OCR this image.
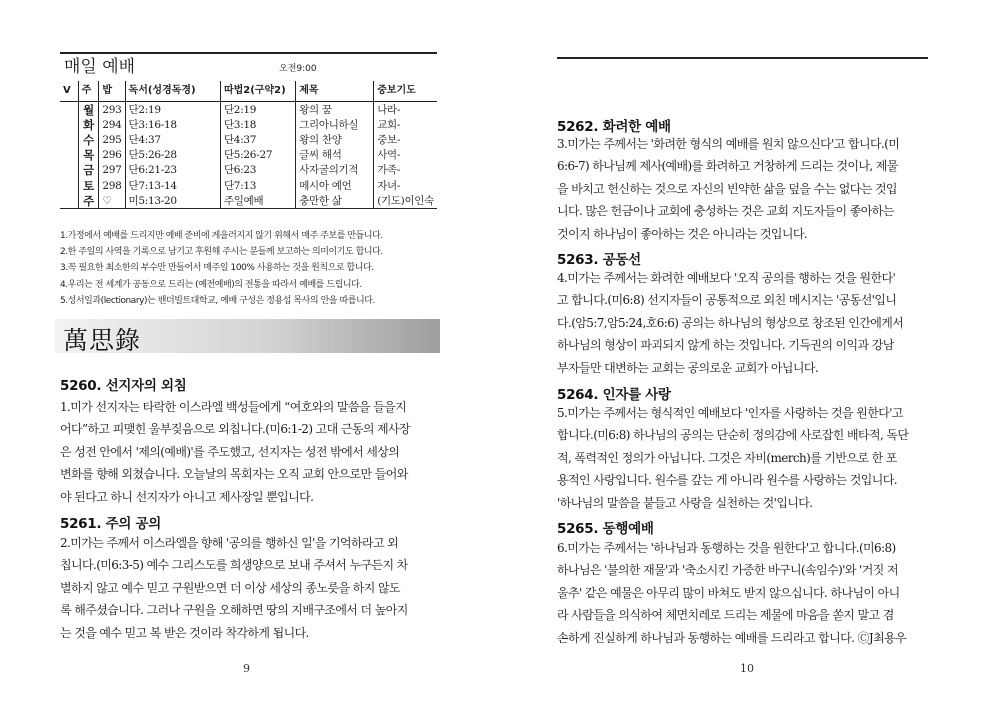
매일 예배	오전9:00
V	주	밥	독서(성경독경)	따법2(구약2)	제목	중보기도
	월	293	단2:19	단2:19	왕의 꿈	나라-
	화	294	단3:16-18	단3:18	그리아니하실	교회-
	수	295	단4:37	단4:37	왕의 찬양	중보-
	목	296	단5:26-28	단5:26-27	글씨 해석	사역-
	금	297	단6:21-23	단6:23	사자굴의기적	가족-
	토	298	단7:13-14	단7:13	메시아 예언	자녀-
	주	♡	미5:13-20	주일예배	충만한 삶	(기도)이인숙
1.가정에서 예배를 드리지만 예배 준비에 게을러지지 않기 위해서 매주 주보를 만듭니다.
2.한 주일의 사역을 기록으로 남기고 후원해 주시는 분들께 보고하는 의미이기도 합니다.
3.꼭 필요한 최소한의 부수만 만들어서 매주일 100% 사용하는 것을 원칙으로 합니다.
4.우리는 전 세계가 공동으로 드리는 (예전예배)의 전통을 따라서 예배를 드립니다.
5.성서일과(lectionary)는 밴더빌트대학교, 예배 구성은 정용섭 목사의 안을 따릅니다.
萬思錄
5260. 선지자의 외침
1.미가 선지자는 타락한 이스라엘 백성들에게 “여호와의 말씀을 들을지
어다”하고 피맺힌 울부짖음으로 외칩니다.(미6:1-2) 고대 근동의 제사장
은 성전 안에서 '제의(예배)'를 주도했고, 선지자는 성전 밖에서 세상의
변화를 향해 외쳤습니다. 오늘날의 목회자는 오직 교회 안으로만 들어와
야 된다고 하니 선지자가 아니고 제사장일 뿐입니다.
5261. 주의 공의
2.미가는 주께서 이스라엘을 향해 '공의를 행하신 일'을 기억하라고 외
칩니다.(미6:3-5) 예수 그리스도를 희생양으로 보내 주셔서 누구든지 차
별하지 않고 예수 믿고 구원받으면 더 이상 세상의 종노릇을 하지 않도
록 해주셨습니다. 그러나 구원을 오해하면 땅의 지배구조에서 더 높아지
는 것을 예수 믿고 복 받은 것이라 착각하게 됩니다.
9
5262. 화려한 예배
3.미가는 주께서는 '화려한 형식의 예배를 원치 않으신다'고 합니다.(미
6:6-7) 하나님께 제사(예배)를 화려하고 거창하게 드리는 것이나, 제물
을 바치고 헌신하는 것으로 자신의 빈약한 삶을 덮을 수는 없다는 것입
니다. 많은 헌금이나 교회에 충성하는 것은 교회 지도자들이 좋아하는
것이지 하나님이 좋아하는 것은 아니라는 것입니다.
5263. 공동선
4.미가는 주께서는 화려한 예배보다 '오직 공의를 행하는 것을 원한다'
고 합니다.(미6:8) 선지자들이 공통적으로 외친 메시지는 '공동선'입니
다.(암5:7,암5:24,호6:6) 공의는 하나님의 형상으로 창조된 인간에게서
하나님의 형상이 파괴되지 않게 하는 것입니다. 기득권의 이익과 강남
부자들만 대변하는 교회는 공의로운 교회가 아닙니다.
5264. 인자를 사랑
5.미가는 주께서는 형식적인 예배보다 '인자를 사랑하는 것을 원한다'고
합니다.(미6:8) 하나님의 공의는 단순히 정의감에 사로잡힌 배타적, 독단
적, 폭력적인 정의가 아닙니다. 그것은 자비(merch)를 기반으로 한 포
용적인 사랑입니다. 원수를 갚는 게 아니라 원수를 사랑하는 것입니다.
'하나님의 말씀을 붙들고 사랑을 실천하는 것'입니다.
5265. 동행예배
6.미가는 주께서는 '하나님과 동행하는 것을 원한다'고 합니다.(미6:8)
하나님은 '불의한 재물'과 '축소시킨 가증한 바구니(속임수)'와 '거짓 저
울추' 같은 예물은 아무리 많이 바쳐도 받지 않으십니다. 하나님이 아니
라 사람들을 의식하여 체면치레로 드리는 제물에 마음을 쏟지 말고 겸
손하게 진실하게 하나님과 동행하는 예배를 드리라고 합니다. ⒸJ최용우
10
